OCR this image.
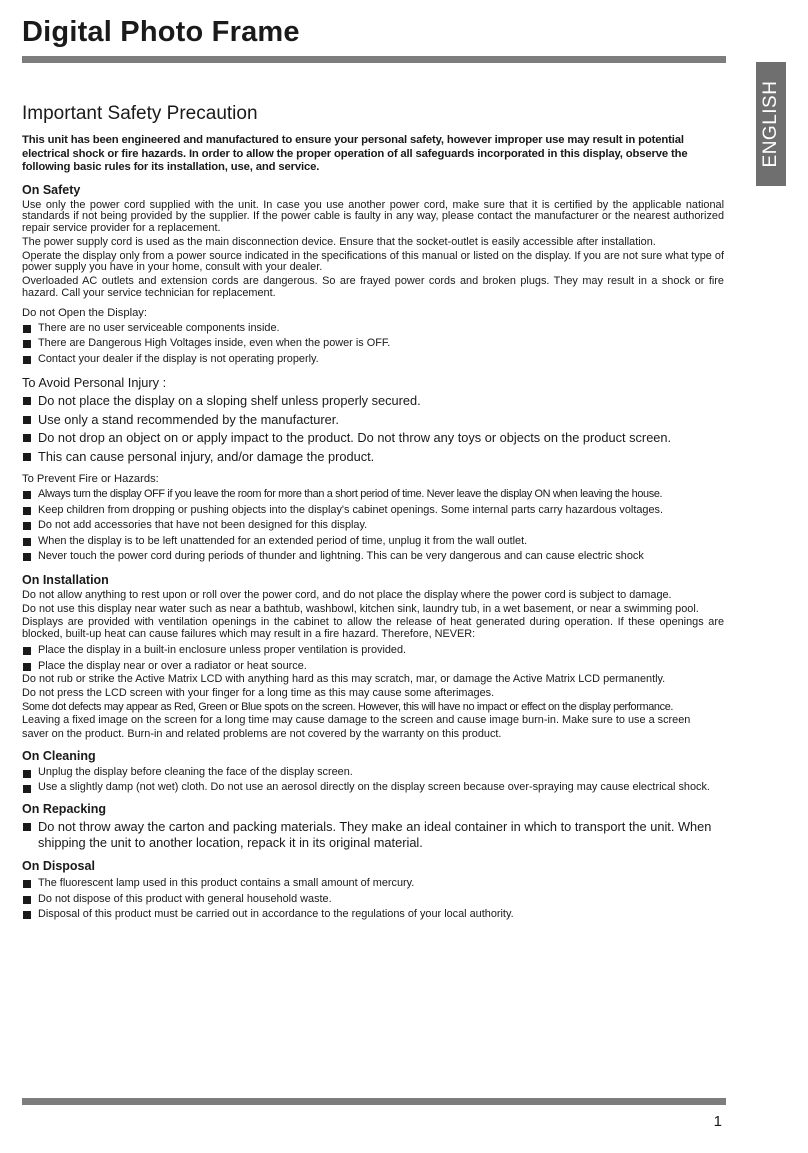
Digital Photo Frame
ENGLISH
Important Safety Precaution

This unit has been engineered and manufactured to ensure your personal safety, however improper use may result in potential electrical shock or fire hazards. In order to allow the proper operation of all safeguards incorporated in this display, observe the following basic rules for its installation, use, and service.

On Safety

Use only the power cord supplied with the unit. In case you use another power cord, make sure that it is certified by the applicable national standards if not being provided by the supplier. If the power cable is faulty in any way, please contact the manufacturer or the nearest authorized repair service provider for a replacement.

The power supply cord is used as the main disconnection device. Ensure that the socket-outlet is easily accessible after installation.

Operate the display only from a power source indicated in the specifications of this manual or listed on the display. If you are not sure what type of power supply you have in your home, consult with your dealer.

Overloaded AC outlets and extension cords are dangerous. So are frayed power cords and broken plugs. They may result in a shock or fire hazard. Call your service technician for replacement.

Do not Open the Display:

There are no user serviceable components inside.
There are Dangerous High Voltages inside, even when the power is OFF.
Contact your dealer if the display is not operating properly.

To Avoid Personal Injury :

Do not place the display on a sloping shelf unless properly secured.
Use only a stand recommended by the manufacturer.
Do not drop an object on or apply impact to the product. Do not throw any toys or objects on the product screen.
This can cause personal injury, and/or damage the product.

To Prevent Fire or Hazards:

Always turn the display OFF if you leave the room for more than a short period of time. Never leave the display ON when leaving the house.
Keep children from dropping or pushing objects into the display's cabinet openings. Some internal parts carry hazardous voltages.
Do not add accessories that have not been designed for this display.
When the display is to be left unattended for an extended period of time, unplug it from the wall outlet.
Never touch the power cord during periods of thunder and lightning. This can be very dangerous and can cause electric shock
On Installation

Do not allow anything to rest upon or roll over the power cord, and do not place the display where the power cord is subject to damage.

Do not use this display near water such as near a bathtub, washbowl, kitchen sink, laundry tub, in a wet basement, or near a swimming pool.

Displays are provided with ventilation openings in the cabinet to allow the release of heat generated during operation. If these openings are blocked, built-up heat can cause failures which may result in a fire hazard. Therefore, NEVER:

Place the display in a built-in enclosure unless proper ventilation is provided.
Place the display near or over a radiator or heat source.

Do not rub or strike the Active Matrix LCD with anything hard as this may scratch, mar, or damage the Active Matrix LCD permanently.

Do not press the LCD screen with your finger for a long time as this may cause some afterimages.

Some dot defects may appear as Red, Green or Blue spots on the screen. However, this will have no impact or effect on the display performance.

Leaving a fixed image on the screen for a long time may cause damage to the screen and cause image burn-in. Make sure to use a screen

saver on the product. Burn-in and related problems are not covered by the warranty on this product.

On Cleaning
Unplug the display before cleaning the face of the display screen.
Use a slightly damp (not wet) cloth. Do not use an aerosol directly on the display screen because over-spraying may cause electrical shock.
On Repacking
Do not throw away the carton and packing materials. They make an ideal container in which to transport the unit. When shipping the unit to another location, repack it in its original material.
On Disposal
The fluorescent lamp used in this product contains a small amount of mercury.
Do not dispose of this product with general household waste.
Disposal of this product must be carried out in accordance to the regulations of your local authority.
1
